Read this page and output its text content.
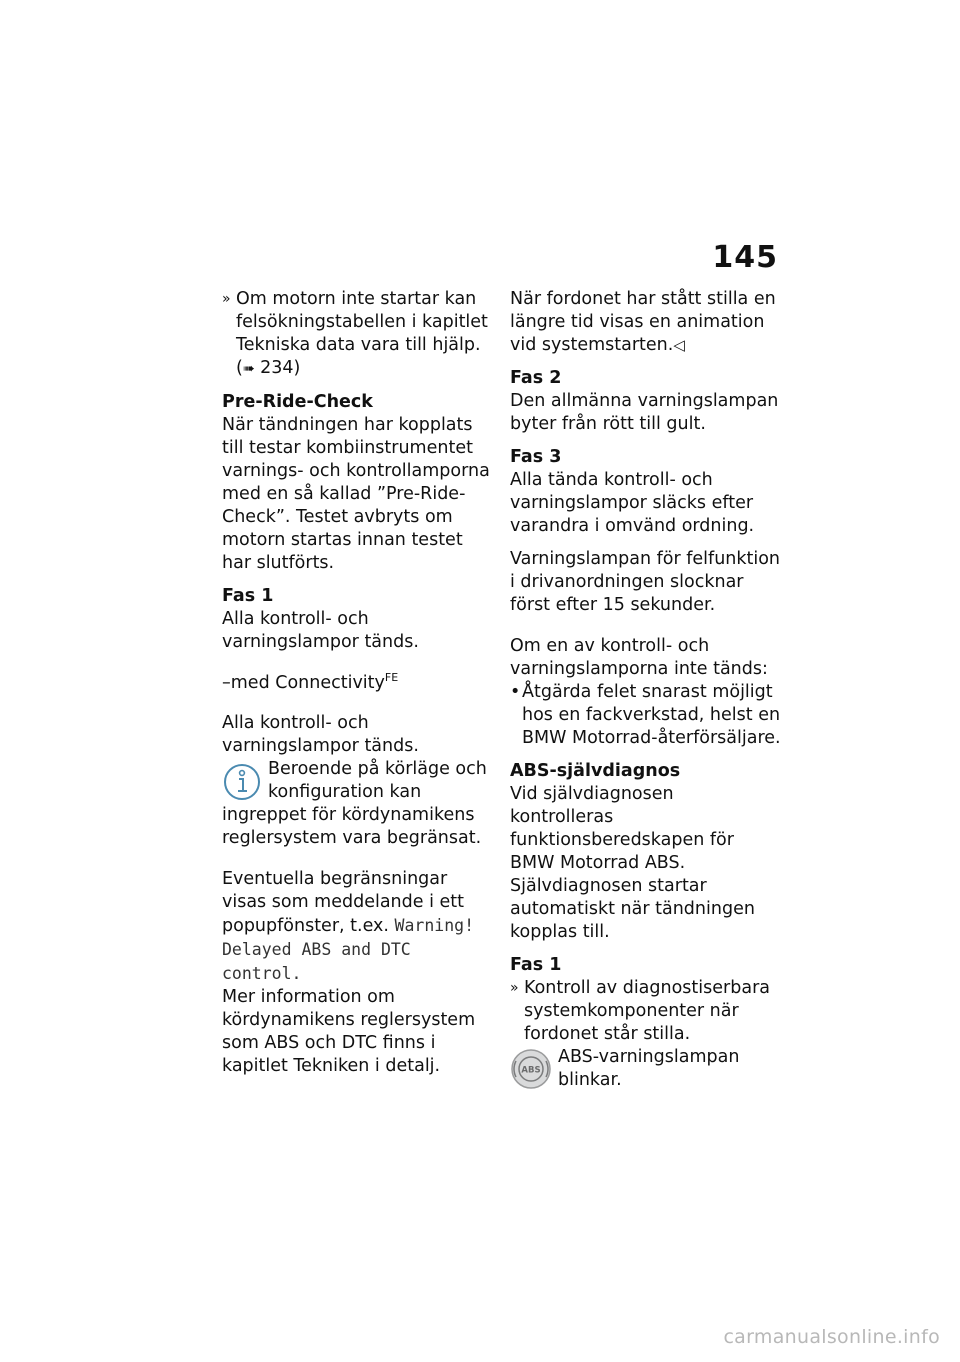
145
» Om motorn inte startar kan felsökningstabellen i kapitlet Tekniska data vara till hjälp.
(➠ 234)

Pre-Ride-Check

När tändningen har kopplats till testar kombiinstrumentet varnings- och kontrollamporna med en så kallad ”Pre-Ride-Check”. Testet avbryts om motorn startas innan testet har slutförts.

Fas 1

Alla kontroll- och varningslampor tänds.

–med Connectivity$^{FE}$

Alla kontroll- och varningslampor tänds.

Beroende på körläge och konfiguration kan ingreppet för kördynamikens reglersystem vara begränsat.

Eventuella begränsningar visas som meddelande i ett popupfönster, t.ex. Warning! Delayed ABS and DTC control.

Mer information om kördynamikens reglersystem som ABS och DTC finns i kapitlet Tekniken i detalj.

När fordonet har stått stilla en längre tid visas en animation vid systemstarten.◁

Fas 2

Den allmänna varningslampan byter från rött till gult.

Fas 3

Alla tända kontroll- och varningslampor släcks efter varandra i omvänd ordning.

Varningslampan för felfunktion i drivanordningen slocknar först efter 15 sekunder.

Om en av kontroll- och varningslamporna inte tänds:

• Åtgärda felet snarast möjligt hos en fackverkstad, helst en BMW Motorrad-återförsäljare.

ABS-självdiagnos

Vid självdiagnosen kontrolleras funktionsberedskapen för BMW Motorrad ABS. Självdiagnosen startar automatiskt när tändningen kopplas till.

Fas 1

» Kontroll av diagnostiserbara systemkomponenter när fordonet står stilla.
ABS
ABS-varningslampan blinkar.
carmanualsonline.info
